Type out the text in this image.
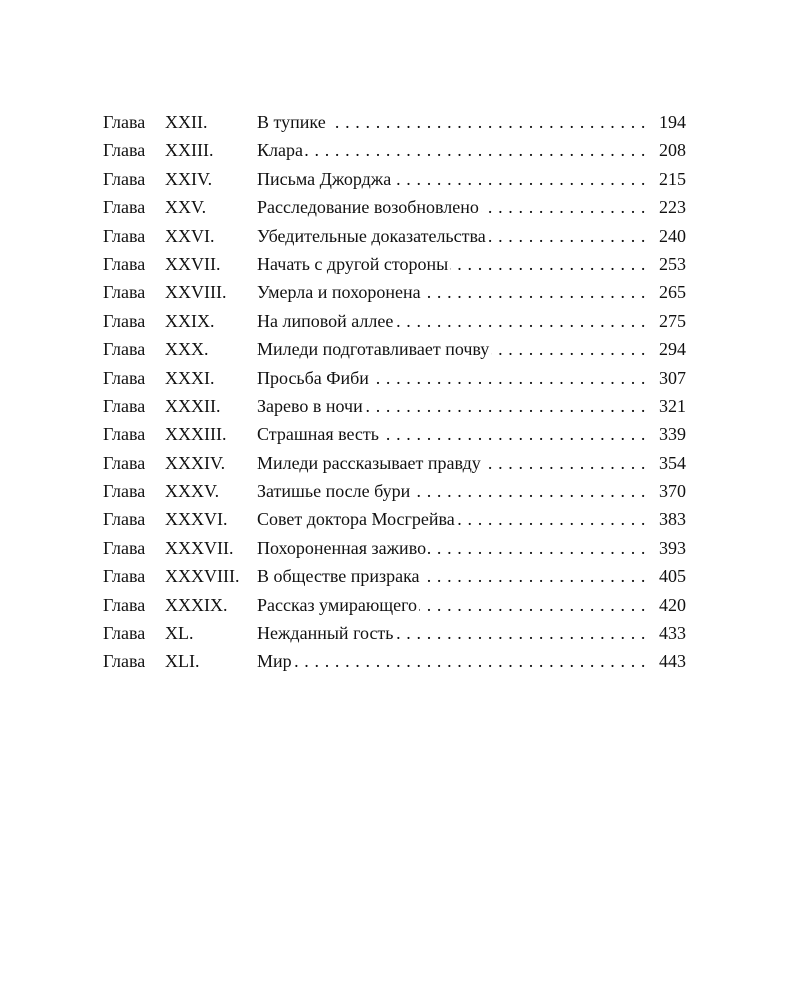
Глава	XXII.	В тупике . . .	194
Глава	XXIII.	Клара . . .	208
Глава	XXIV.	Письма Джорджа . . .	215
Глава	XXV.	Расследование возобновлено . . .	223
Глава	XXVI.	Убедительные доказательства . . .	240
Глава	XXVII.	Начать с другой стороны . . .	253
Глава	XXVIII.	Умерла и похоронена . . .	265
Глава	XXIX.	На липовой аллее . . .	275
Глава	XXX.	Миледи подготавливает почву . . .	294
Глава	XXXI.	Просьба Фиби . . .	307
Глава	XXXII.	Зарево в ночи . . .	321
Глава	XXXIII.	Страшная весть . . .	339
Глава	XXXIV.	Миледи рассказывает правду . . .	354
Глава	XXXV.	Затишье после бури . . .	370
Глава	XXXVI.	Совет доктора Мосгрейва . . .	383
Глава	XXXVII.	Похороненная заживо . . .	393
Глава	XXXVIII. В обществе призрака . . .	405
Глава	XXXIX.	Рассказ умирающего . . .	420
Глава	XL.	Нежданный гость . . .	433
Глава	XLI.	Мир . . .	443
